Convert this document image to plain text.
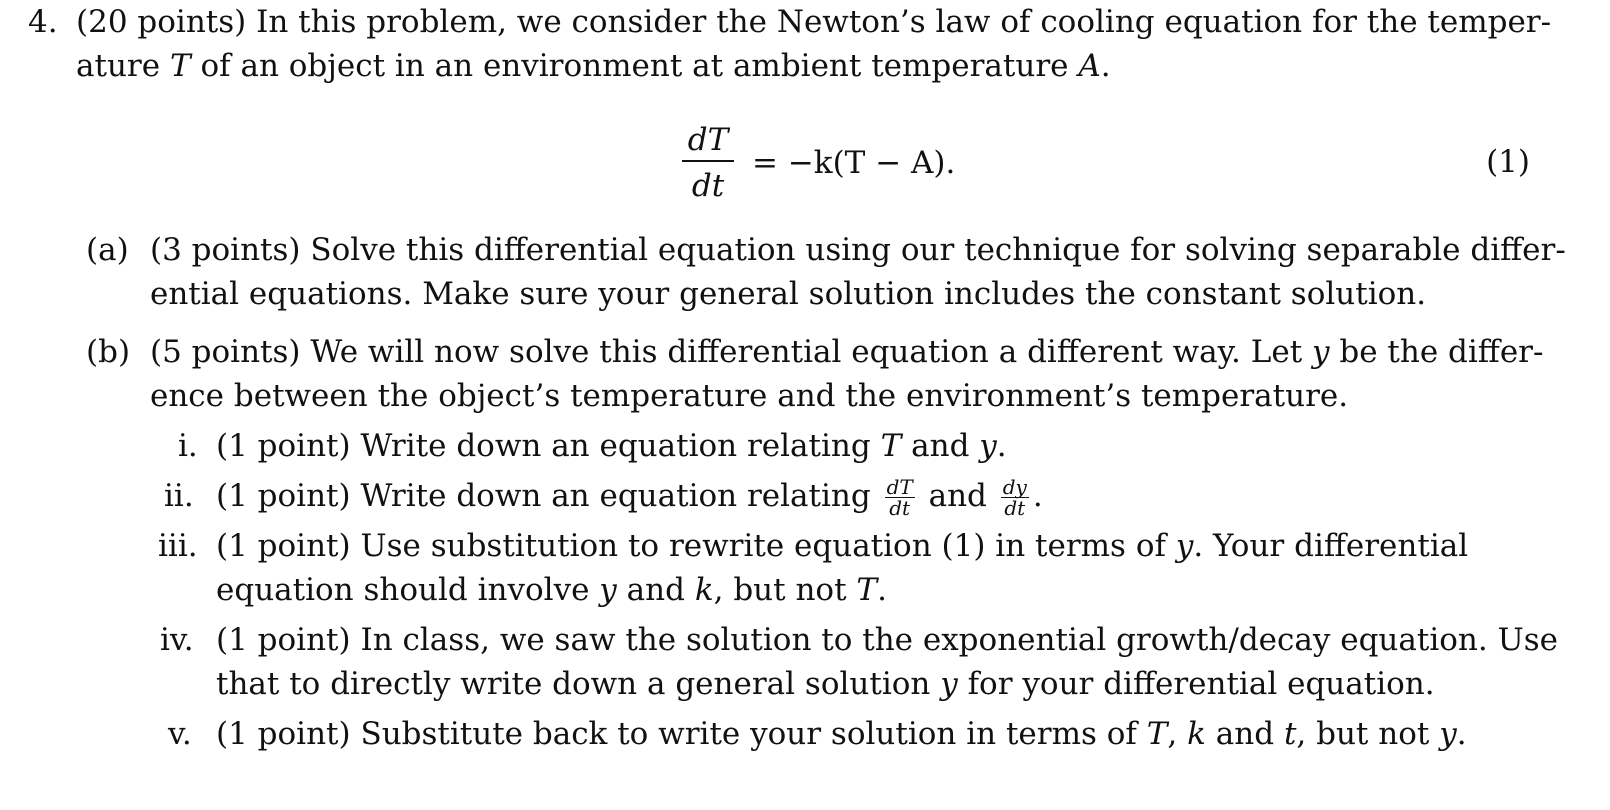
4. (20 points) In this problem, we consider the Newton’s law of cooling equation for the temper-
ature T of an object in an environment at ambient temperature A.
dT
dt
= −k(T − A).	(1)
(a) (3 points) Solve this differential equation using our technique for solving separable differ-
ential equations. Make sure your general solution includes the constant solution.
(b) (5 points) We will now solve this differential equation a different way. Let y be the differ-
ence between the object’s temperature and the environment’s temperature.
i. (1 point) Write down an equation relating T and y.
ii. (1 point) Write down an equation relating $\frac{dT}{dt}$ and $\frac{dy}{dt}$ .
iii. (1 point) Use substitution to rewrite equation (1) in terms of y. Your differential
equation should involve y and k, but not T.
iv. (1 point) In class, we saw the solution to the exponential growth/decay equation. Use
that to directly write down a general solution y for your differential equation.
v. (1 point) Substitute back to write your solution in terms of T, k and t, but not y.
